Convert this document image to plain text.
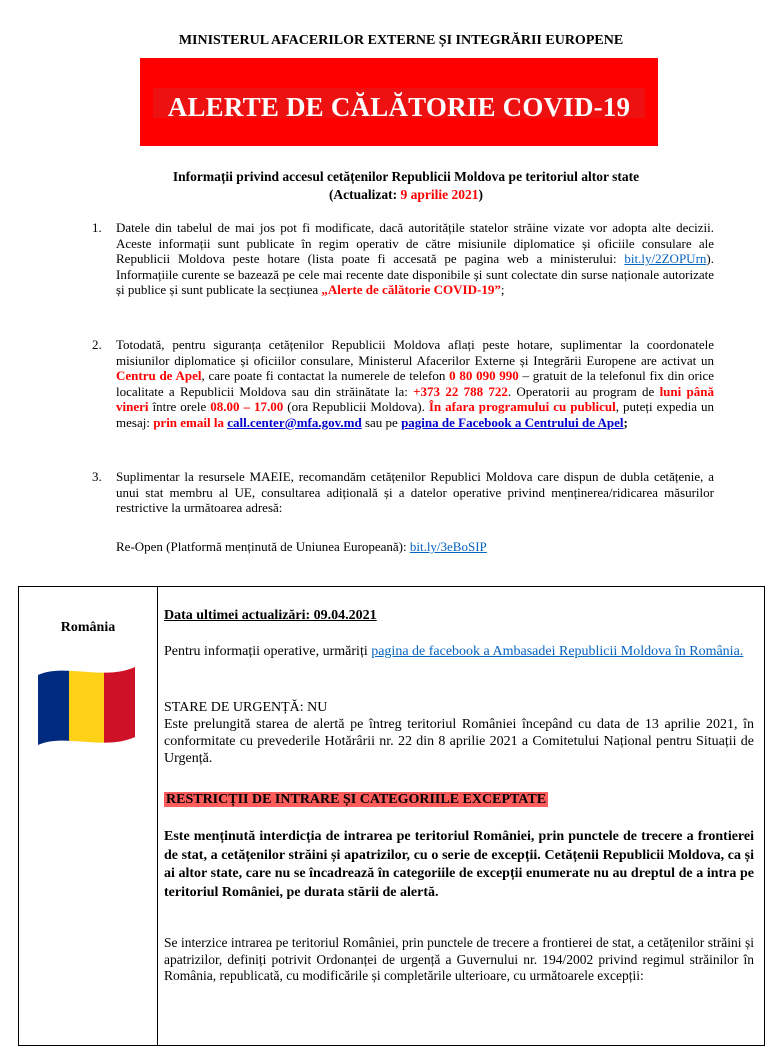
MINISTERUL AFACERILOR EXTERNE ȘI INTEGRĂRII EUROPENE
ALERTE DE CĂLĂTORIE COVID-19
Informații privind accesul cetățenilor Republicii Moldova pe teritoriul altor state
(Actualizat: 9 aprilie 2021)
1. Datele din tabelul de mai jos pot fi modificate, dacă autoritățile statelor străine vizate vor adopta alte decizii. Aceste informații sunt publicate în regim operativ de către misiunile diplomatice și oficiile consulare ale Republicii Moldova peste hotare (lista poate fi accesată pe pagina web a ministerului: bit.ly/2ZOPUrn). Informațiile curente se bazează pe cele mai recente date disponibile și sunt colectate din surse naționale autorizate și publice și sunt publicate la secțiunea „Alerte de călătorie COVID-19”;
2. Totodată, pentru siguranța cetățenilor Republicii Moldova aflați peste hotare, suplimentar la coordonatele misiunilor diplomatice și oficiilor consulare, Ministerul Afacerilor Externe și Integrării Europene are activat un Centru de Apel, care poate fi contactat la numerele de telefon 0 80 090 990 – gratuit de la telefonul fix din orice localitate a Republicii Moldova sau din străinătate la: +373 22 788 722. Operatorii au program de luni până vineri între orele 08.00 – 17.00 (ora Republicii Moldova). În afara programului cu publicul, puteți expedia un mesaj: prin email la call.center@mfa.gov.md sau pe pagina de Facebook a Centrului de Apel;
3. Suplimentar la resursele MAEIE, recomandăm cetățenilor Republici Moldova care dispun de dubla cetățenie, a unui stat membru al UE, consultarea adițională și a datelor operative privind menținerea/ridicarea măsurilor restrictive la următoarea adresă:
Re-Open (Platformă menținută de Uniunea Europeană): bit.ly/3eBoSIP
România
Data ultimei actualizări: 09.04.2021
Pentru informații operative, urmăriți pagina de facebook a Ambasadei Republicii Moldova în România.
STARE DE URGENȚĂ: NU
Este prelungită starea de alertă pe întreg teritoriul României începând cu data de 13 aprilie 2021, în conformitate cu prevederile Hotărârii nr. 22 din 8 aprilie 2021 a Comitetului Național pentru Situații de Urgență.
RESTRICȚII DE INTRARE ȘI CATEGORIILE EXCEPTATE
Este menținută interdicția de intrarea pe teritoriul României, prin punctele de trecere a frontierei de stat, a cetățenilor străini și apatrizilor, cu o serie de excepții. Cetățenii Republicii Moldova, ca și ai altor state, care nu se încadrează în categoriile de excepții enumerate nu au dreptul de a intra pe teritoriul României, pe durata stării de alertă.
Se interzice intrarea pe teritoriul României, prin punctele de trecere a frontierei de stat, a cetățenilor străini și apatrizilor, definiți potrivit Ordonanței de urgență a Guvernului nr. 194/2002 privind regimul străinilor în România, republicată, cu modificările și completările ulterioare, cu următoarele excepții:
